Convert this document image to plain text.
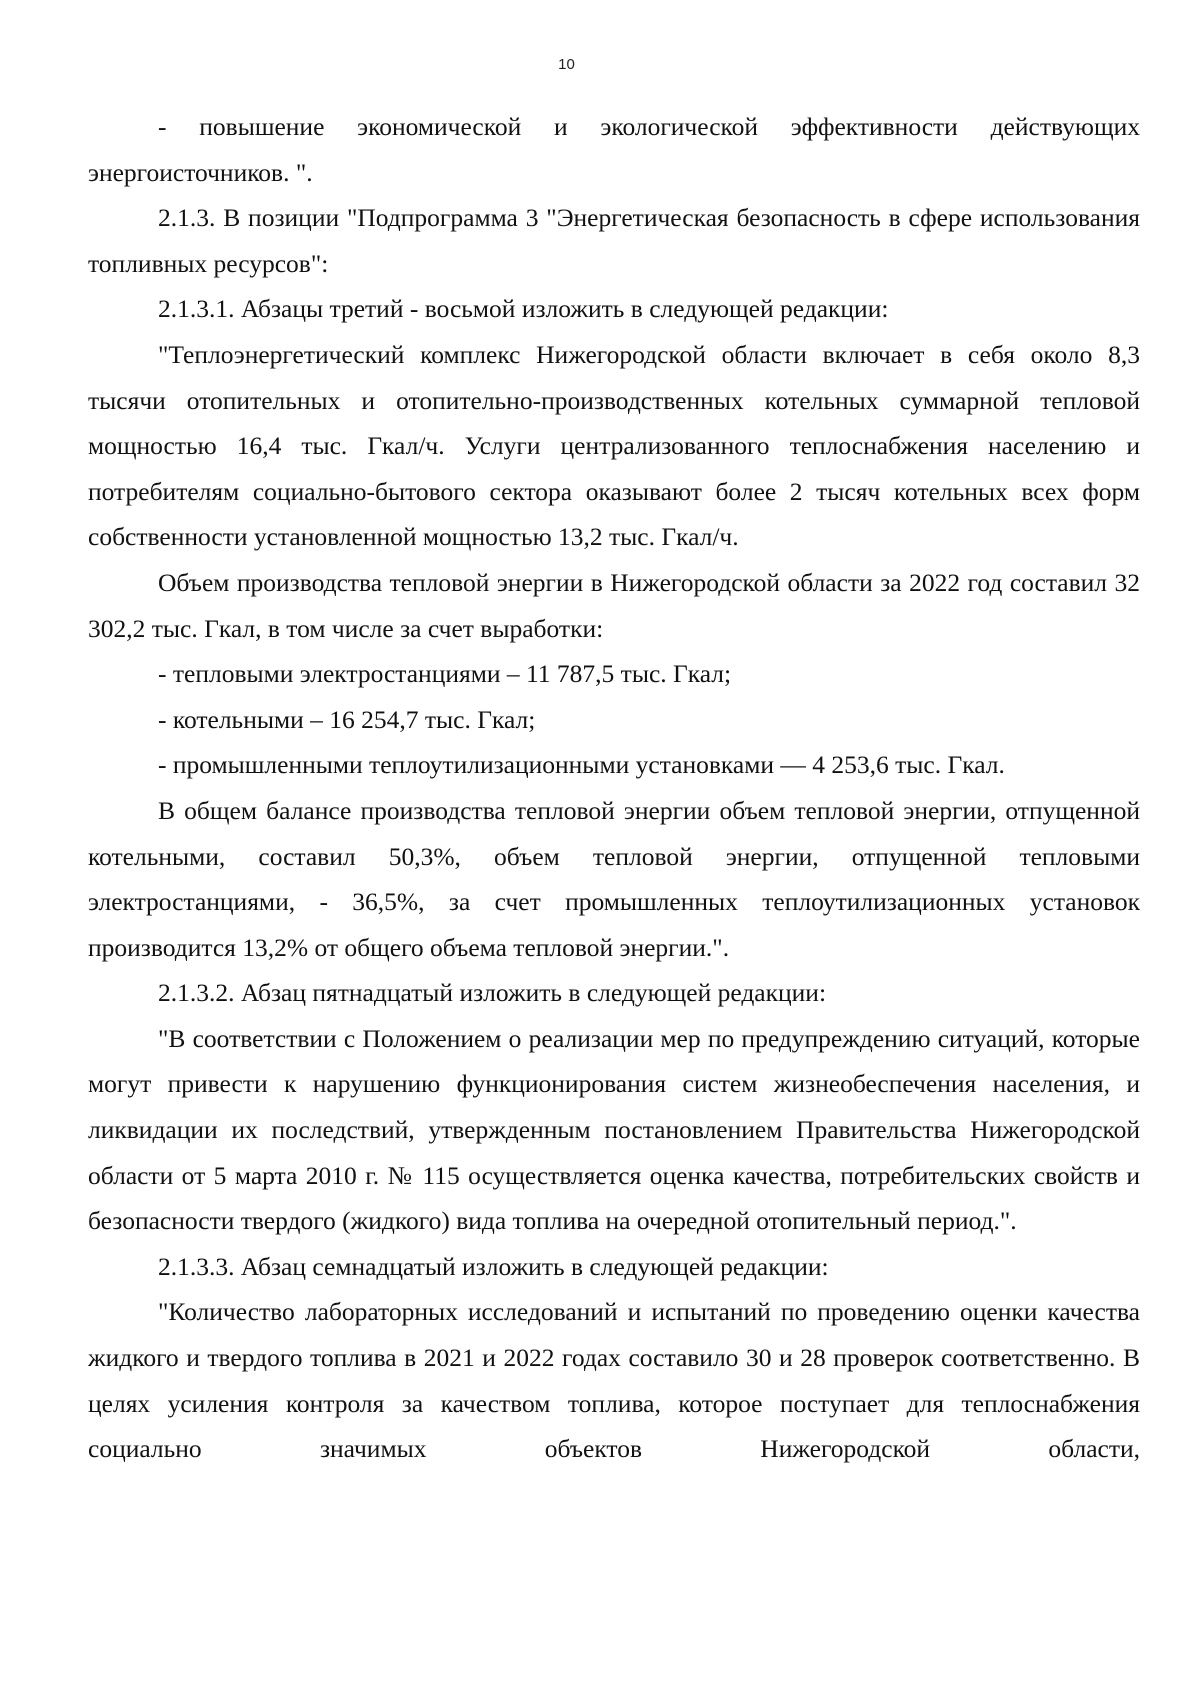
10

- повышение экономической и экологической эффективности действующих энергоисточников. ".

2.1.3. В позиции "Подпрограмма 3 "Энергетическая безопасность в сфере использования топливных ресурсов":

2.1.3.1. Абзацы третий - восьмой изложить в следующей редакции:

"Теплоэнергетический комплекс Нижегородской области включает в себя около 8,3 тысячи отопительных и отопительно-производственных котельных суммарной тепловой мощностью 16,4 тыс. Гкал/ч. Услуги централизованного теплоснабжения населению и потребителям социально-бытового сектора оказывают более 2 тысяч котельных всех форм собственности установленной мощностью 13,2 тыс. Гкал/ч.

Объем производства тепловой энергии в Нижегородской области за 2022 год составил 32 302,2 тыс. Гкал, в том числе за счет выработки:

- тепловыми электростанциями – 11 787,5 тыс. Гкал;

- котельными – 16 254,7 тыс. Гкал;

- промышленными теплоутилизационными установками — 4 253,6 тыс. Гкал.

В общем балансе производства тепловой энергии объем тепловой энергии, отпущенной котельными, составил 50,3%, объем тепловой энергии, отпущенной тепловыми электростанциями, - 36,5%, за счет промышленных теплоутилизационных установок производится 13,2% от общего объема тепловой энергии.".

2.1.3.2. Абзац пятнадцатый изложить в следующей редакции:

"В соответствии с Положением о реализации мер по предупреждению ситуаций, которые могут привести к нарушению функционирования систем жизнеобеспечения населения, и ликвидации их последствий, утвержденным постановлением Правительства Нижегородской области от 5 марта 2010 г. № 115 осуществляется оценка качества, потребительских свойств и безопасности твердого (жидкого) вида топлива на очередной отопительный период.".

2.1.3.3. Абзац семнадцатый изложить в следующей редакции:

"Количество лабораторных исследований и испытаний по проведению оценки качества жидкого и твердого топлива в 2021 и 2022 годах составило 30 и 28 проверок соответственно. В целях усиления контроля за качеством топлива, которое поступает для теплоснабжения социально значимых объектов Нижегородской области,
